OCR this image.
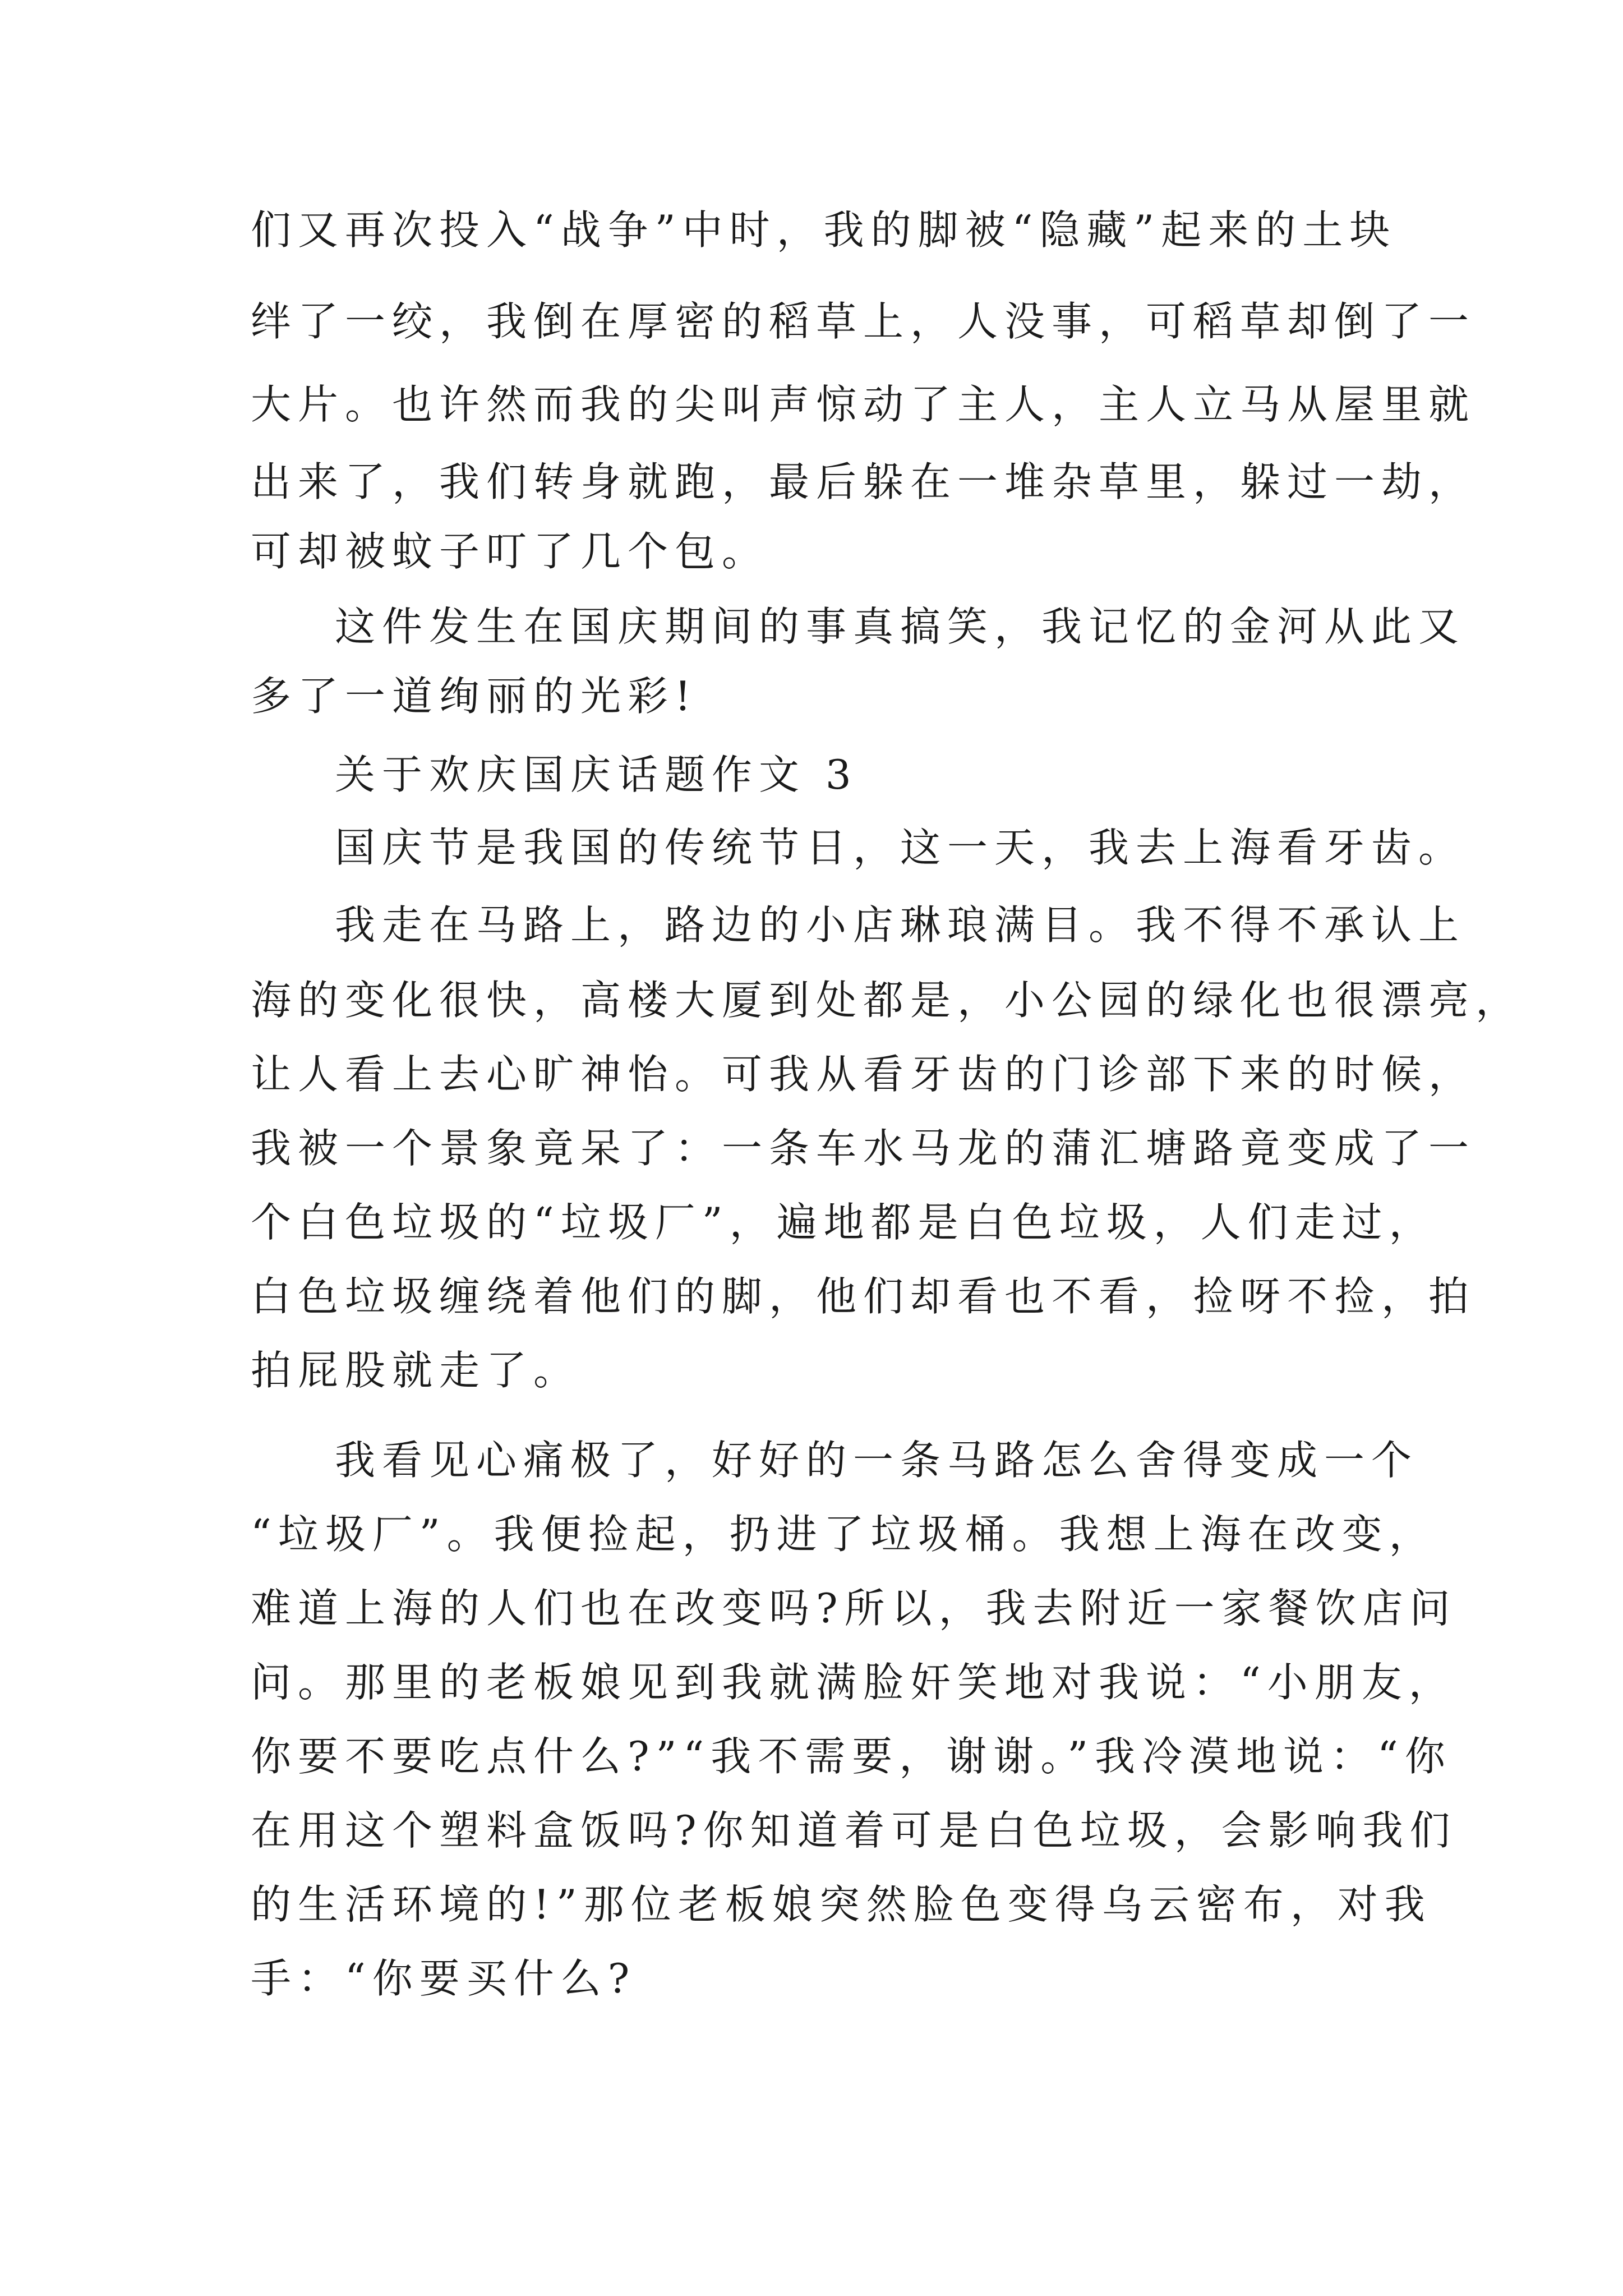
们又再次投入“战争”中时，我的脚被“隐藏”起来的土块
绊了一绞，我倒在厚密的稻草上，人没事，可稻草却倒了一
大片。也许然而我的尖叫声惊动了主人，主人立马从屋里就
出来了，我们转身就跑，最后躲在一堆杂草里，躲过一劫，
可却被蚊子叮了几个包。
这件发生在国庆期间的事真搞笑，我记忆的金河从此又
多了一道绚丽的光彩!
关于欢庆国庆话题作文 3
国庆节是我国的传统节日，这一天，我去上海看牙齿。
我走在马路上，路边的小店琳琅满目。我不得不承认上
海的变化很快，高楼大厦到处都是，小公园的绿化也很漂亮，
让人看上去心旷神怡。可我从看牙齿的门诊部下来的时候，
我被一个景象竟呆了：一条车水马龙的蒲汇塘路竟变成了一
个白色垃圾的“垃圾厂”，遍地都是白色垃圾，人们走过，
白色垃圾缠绕着他们的脚，他们却看也不看，捡呀不捡，拍
拍屁股就走了。
我看见心痛极了，好好的一条马路怎么舍得变成一个
“垃圾厂”。我便捡起，扔进了垃圾桶。我想上海在改变，
难道上海的人们也在改变吗?所以，我去附近一家餐饮店问
问。那里的老板娘见到我就满脸奸笑地对我说：“小朋友，
你要不要吃点什么?”“我不需要，谢谢。”我冷漠地说：“你
在用这个塑料盒饭吗?你知道着可是白色垃圾，会影响我们
的生活环境的!”那位老板娘突然脸色变得乌云密布，对我
手：“你要买什么?
